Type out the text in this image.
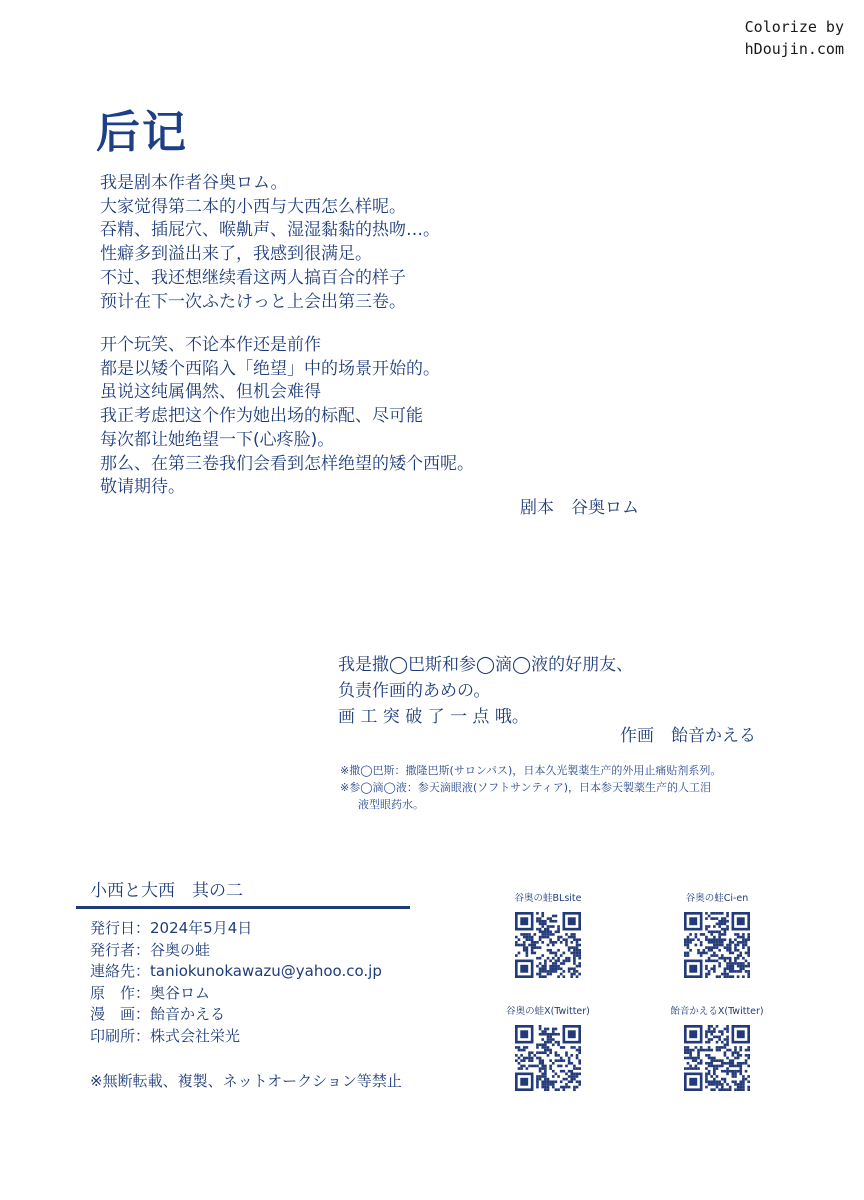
Colorize by
hDoujin.com
后记
我是剧本作者谷奥ロム。
大家觉得第二本的小西与大西怎么样呢。
吞精、插屁穴、喉鼽声、湿湿黏黏的热吻…。
性癖多到溢出来了，我感到很满足。
不过、我还想继续看这两人搞百合的样子
预计在下一次ふたけっと上会出第三卷。
开个玩笑、不论本作还是前作
都是以矮个西陷入「绝望」中的场景开始的。
虽说这纯属偶然、但机会难得
我正考虑把这个作为她出场的标配、尽可能
每次都让她绝望一下(心疼脸)。
那么、在第三卷我们会看到怎样绝望的矮个西呢。
敬请期待。
剧本　谷奥ロム
我是撒◯巴斯和参◯滴◯液的好朋友、
负责作画的あめの。
画 工 突 破 了 一 点 哦。
作画　飴音かえる
※撒◯巴斯：撒隆巴斯(サロンパス)，日本久光製薬生产的外用止痛贴剂系列。
※参◯滴◯液：参天滴眼液(ソフトサンティア)，日本参天製薬生产的人工泪
液型眼药水。
小西と大西　其の二
発行日：2024年5月4日
発行者：谷奥の蛙
連絡先：taniokunokawazu@yahoo.co.jp
原　作：奥谷ロム
漫　画：飴音かえる
印刷所：株式会社栄光
※無断転載、複製、ネットオークション等禁止
谷奥の蛙BLsite	谷奥の蛙Ci-en
谷奥の蛙X(Twitter)	飴音かえるX(Twitter)
